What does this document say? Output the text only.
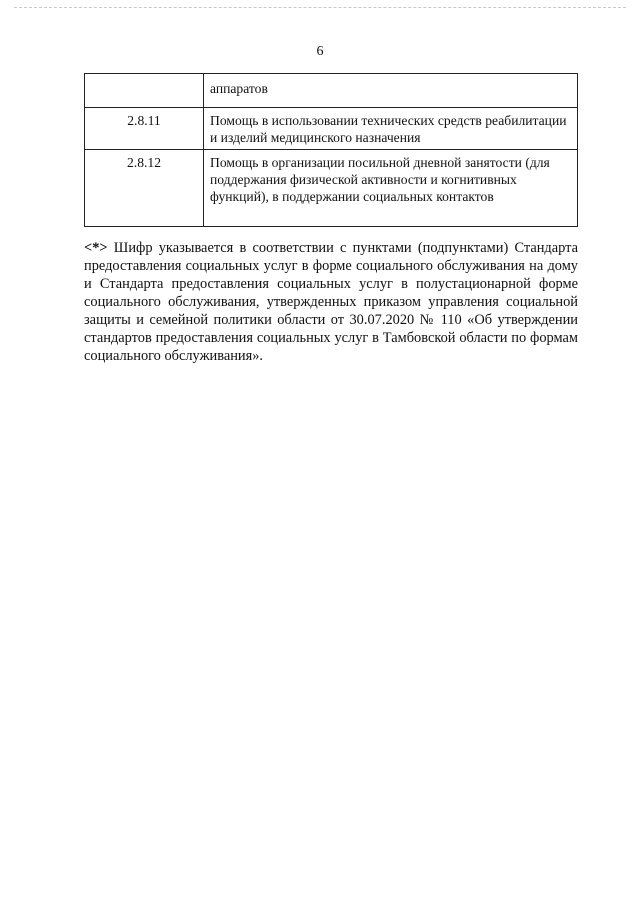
6
	аппаратов
2.8.11	Помощь в использовании технических средств реабилитации и изделий медицинского назначения
2.8.12	Помощь в организации посильной дневной занятости (для поддержания физической активности и когнитивных функций), в поддержании социальных контактов

<*> Шифр указывается в соответствии с пунктами (подпунктами) Стандарта предоставления социальных услуг в форме социального обслуживания на дому и Стандарта предоставления социальных услуг в полустационарной форме социального обслуживания, утвержденных приказом управления социальной защиты и семейной политики области от 30.07.2020 № 110 «Об утверждении стандартов предоставления социальных услуг в Тамбовской области по формам социального обслуживания».
